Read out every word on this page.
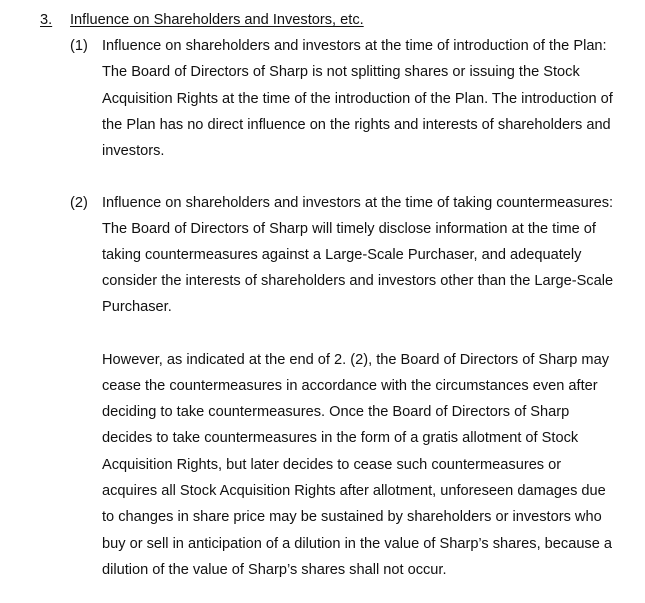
3. Influence on Shareholders and Investors, etc.
(1) Influence on shareholders and investors at the time of introduction of the Plan:
The Board of Directors of Sharp is not splitting shares or issuing the Stock
Acquisition Rights at the time of the introduction of the Plan. The introduction of
the Plan has no direct influence on the rights and interests of shareholders and
investors.
(2) Influence on shareholders and investors at the time of taking countermeasures:
The Board of Directors of Sharp will timely disclose information at the time of
taking countermeasures against a Large-Scale Purchaser, and adequately
consider the interests of shareholders and investors other than the Large-Scale
Purchaser.
However, as indicated at the end of 2. (2), the Board of Directors of Sharp may
cease the countermeasures in accordance with the circumstances even after
deciding to take countermeasures. Once the Board of Directors of Sharp
decides to take countermeasures in the form of a gratis allotment of Stock
Acquisition Rights, but later decides to cease such countermeasures or
acquires all Stock Acquisition Rights after allotment, unforeseen damages due
to changes in share price may be sustained by shareholders or investors who
buy or sell in anticipation of a dilution in the value of Sharp’s shares, because a
dilution of the value of Sharp’s shares shall not occur.
